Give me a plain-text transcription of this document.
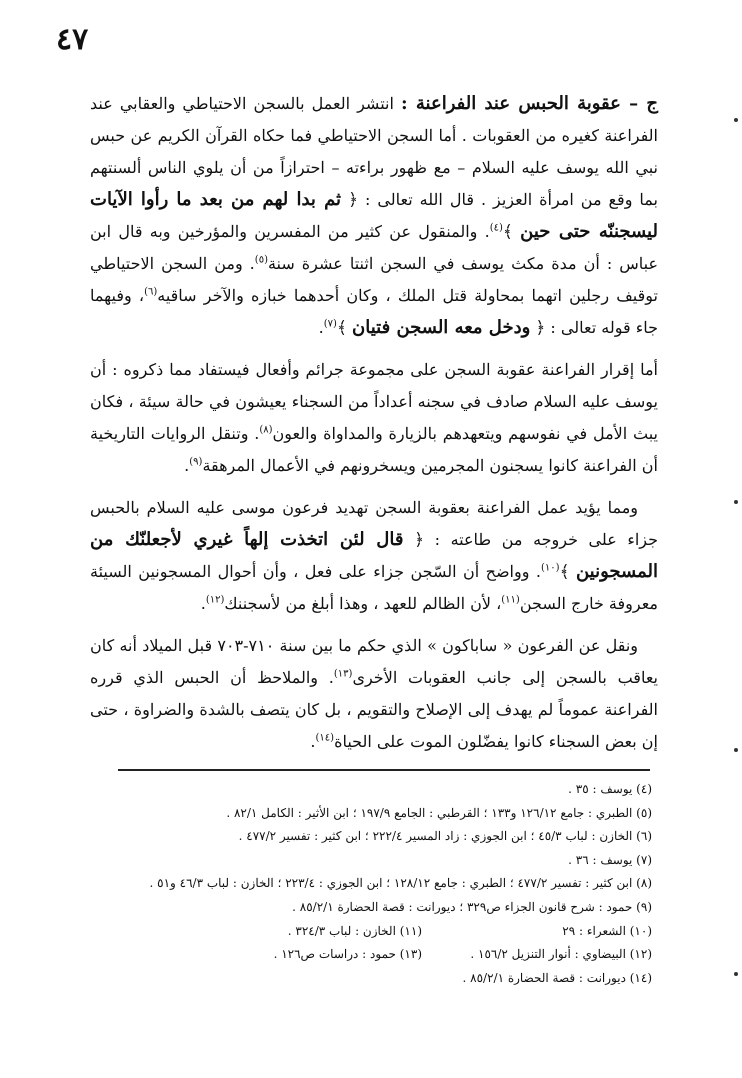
٤٧

ج – عقوبة الحبس عند الفراعنة : انتشر العمل بالسجن الاحتياطي والعقابي عند الفراعنة كغيره من العقوبات . أما السجن الاحتياطي فما حكاه القرآن الكريم عن حبس نبي الله يوسف عليه السلام – مع ظهور براءته – احترازاً من أن يلوي الناس ألسنتهم بما وقع من امرأة العزيز . قال الله تعالى : ﴿ ثم بدا لهم من بعد ما رأوا الآيات ليسجننّه حتى حين ﴾$^{(٤)}$. والمنقول عن كثير من المفسرين والمؤرخين وبه قال ابن عباس : أن مدة مكث يوسف في السجن اثنتا عشرة سنة$^{(٥)}$. ومن السجن الاحتياطي توقيف رجلين اتهما بمحاولة قتل الملك ، وكان أحدهما خبازه والآخر ساقيه$^{(٦)}$، وفيهما جاء قوله تعالى : ﴿ ودخل معه السجن فتيان ﴾$^{(٧)}$.

أما إقرار الفراعنة عقوبة السجن على مجموعة جرائم وأفعال فيستفاد مما ذكروه : أن يوسف عليه السلام صادف في سجنه أعداداً من السجناء يعيشون في حالة سيئة ، فكان يبث الأمل في نفوسهم ويتعهدهم بالزيارة والمداواة والعون$^{(٨)}$. وتنقل الروايات التاريخية أن الفراعنة كانوا يسجنون المجرمين ويسخرونهم في الأعمال المرهقة$^{(٩)}$.

ومما يؤيد عمل الفراعنة بعقوبة السجن تهديد فرعون موسى عليه السلام بالحبس جزاء على خروجه من طاعته : ﴿ قال لئن اتخذت إلهاً غيري لأجعلنّك من المسجونين ﴾$^{(١٠)}$. وواضح أن السّجن جزاء على فعل ، وأن أحوال المسجونين السيئة معروفة خارج السجن$^{(١١)}$، لأن الظالم للعهد ، وهذا أبلغ من لأسجننك$^{(١٢)}$.

ونقل عن الفرعون « ساباكون » الذي حكم ما بين سنة ٧١٠-٧٠٣ قبل الميلاد أنه كان يعاقب بالسجن إلى جانب العقوبات الأخرى$^{(١٣)}$. والملاحظ أن الحبس الذي قرره الفراعنة عموماً لم يهدف إلى الإصلاح والتقويم ، بل كان يتصف بالشدة والضراوة ، حتى إن بعض السجناء كانوا يفضّلون الموت على الحياة$^{(١٤)}$.

(٤) يوسف : ٣٥ .
(٥) الطبري : جامع ١٢٦/١٢ و١٣٣ ؛ القرطبي : الجامع ١٩٧/٩ ؛ ابن الأثير : الكامل ٨٢/١ .
(٦) الخازن : لباب ٤٥/٣ ؛ ابن الجوزي : زاد المسير ٢٢٢/٤ ؛ ابن كثير : تفسير ٤٧٧/٢ .
(٧) يوسف : ٣٦ .
(٨) ابن كثير : تفسير ٤٧٧/٢ ؛ الطبري : جامع ١٢٨/١٢ ؛ ابن الجوزي : ٢٢٣/٤ ؛ الخازن : لباب ٤٦/٣ و٥١ .
(٩) حمود : شرح قانون الجزاء ص٣٢٩ ؛ ديورانت : قصة الحضارة ٨٥/٢/١ .
(١٠) الشعراء : ٢٩
(١١) الخازن : لباب ٣٢٤/٣ .
(١٢) البيضاوي : أنوار التنزيل ١٥٦/٢ .
(١٣) حمود : دراسات ص١٢٦ .
(١٤) ديورانت : قصة الحضارة ٨٥/٢/١ .
